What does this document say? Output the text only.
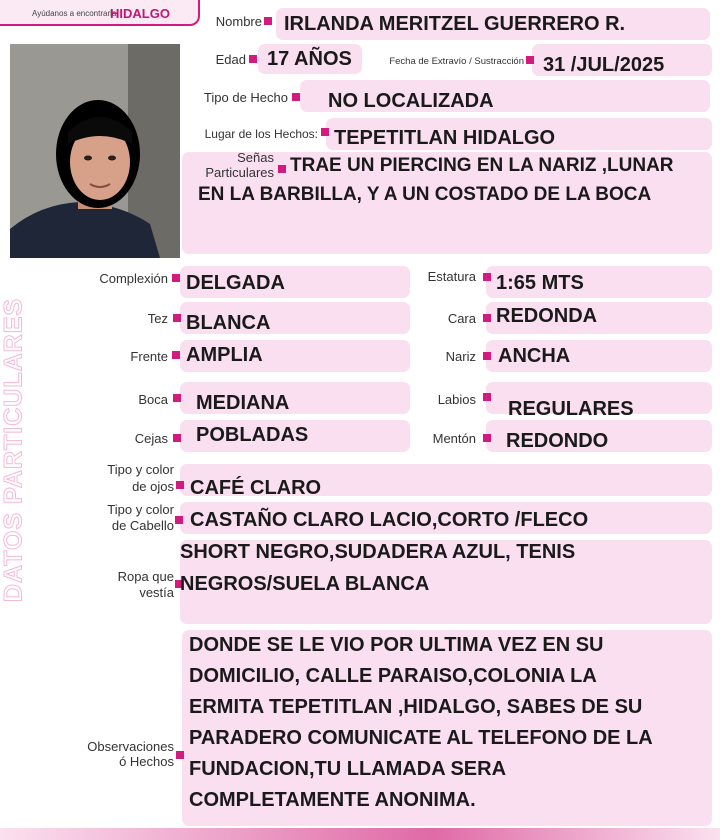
Ayúdanos a encontrarla
HIDALGO
DATOS PARTICULARES
Nombre IRLANDA MERITZEL GUERRERO R.
Edad 17 AÑOS	Fecha de Extravío / Sustracción 31 /JUL/2025
Tipo de Hecho NO LOCALIZADA
Lugar de los Hechos: TEPETITLAN HIDALGO
Señas
Particulares TRAE UN PIERCING EN LA NARIZ ,LUNAR
EN LA BARBILLA, Y A UN COSTADO DE LA BOCA
Complexión DELGADA
Tez BLANCA
Frente AMPLIA
Boca MEDIANA
Cejas POBLADAS
Estatura 1:65 MTS
Cara REDONDA
Nariz ANCHA
Labios REGULARES
Mentón REDONDO
Tipo y color
de ojos CAFÉ CLARO
Tipo y color
de Cabello CASTAÑO CLARO LACIO,CORTO /FLECO
Ropa que
vestía
SHORT NEGRO,SUDADERA AZUL, TENIS
NEGROS/SUELA BLANCA
Observaciones
ó Hechos
DONDE SE LE VIO POR ULTIMA VEZ EN SU
DOMICILIO, CALLE PARAISO,COLONIA LA
ERMITA TEPETITLAN ,HIDALGO, SABES DE SU
PARADERO COMUNICATE AL TELEFONO DE LA
FUNDACION,TU LLAMADA SERA
COMPLETAMENTE ANONIMA.
